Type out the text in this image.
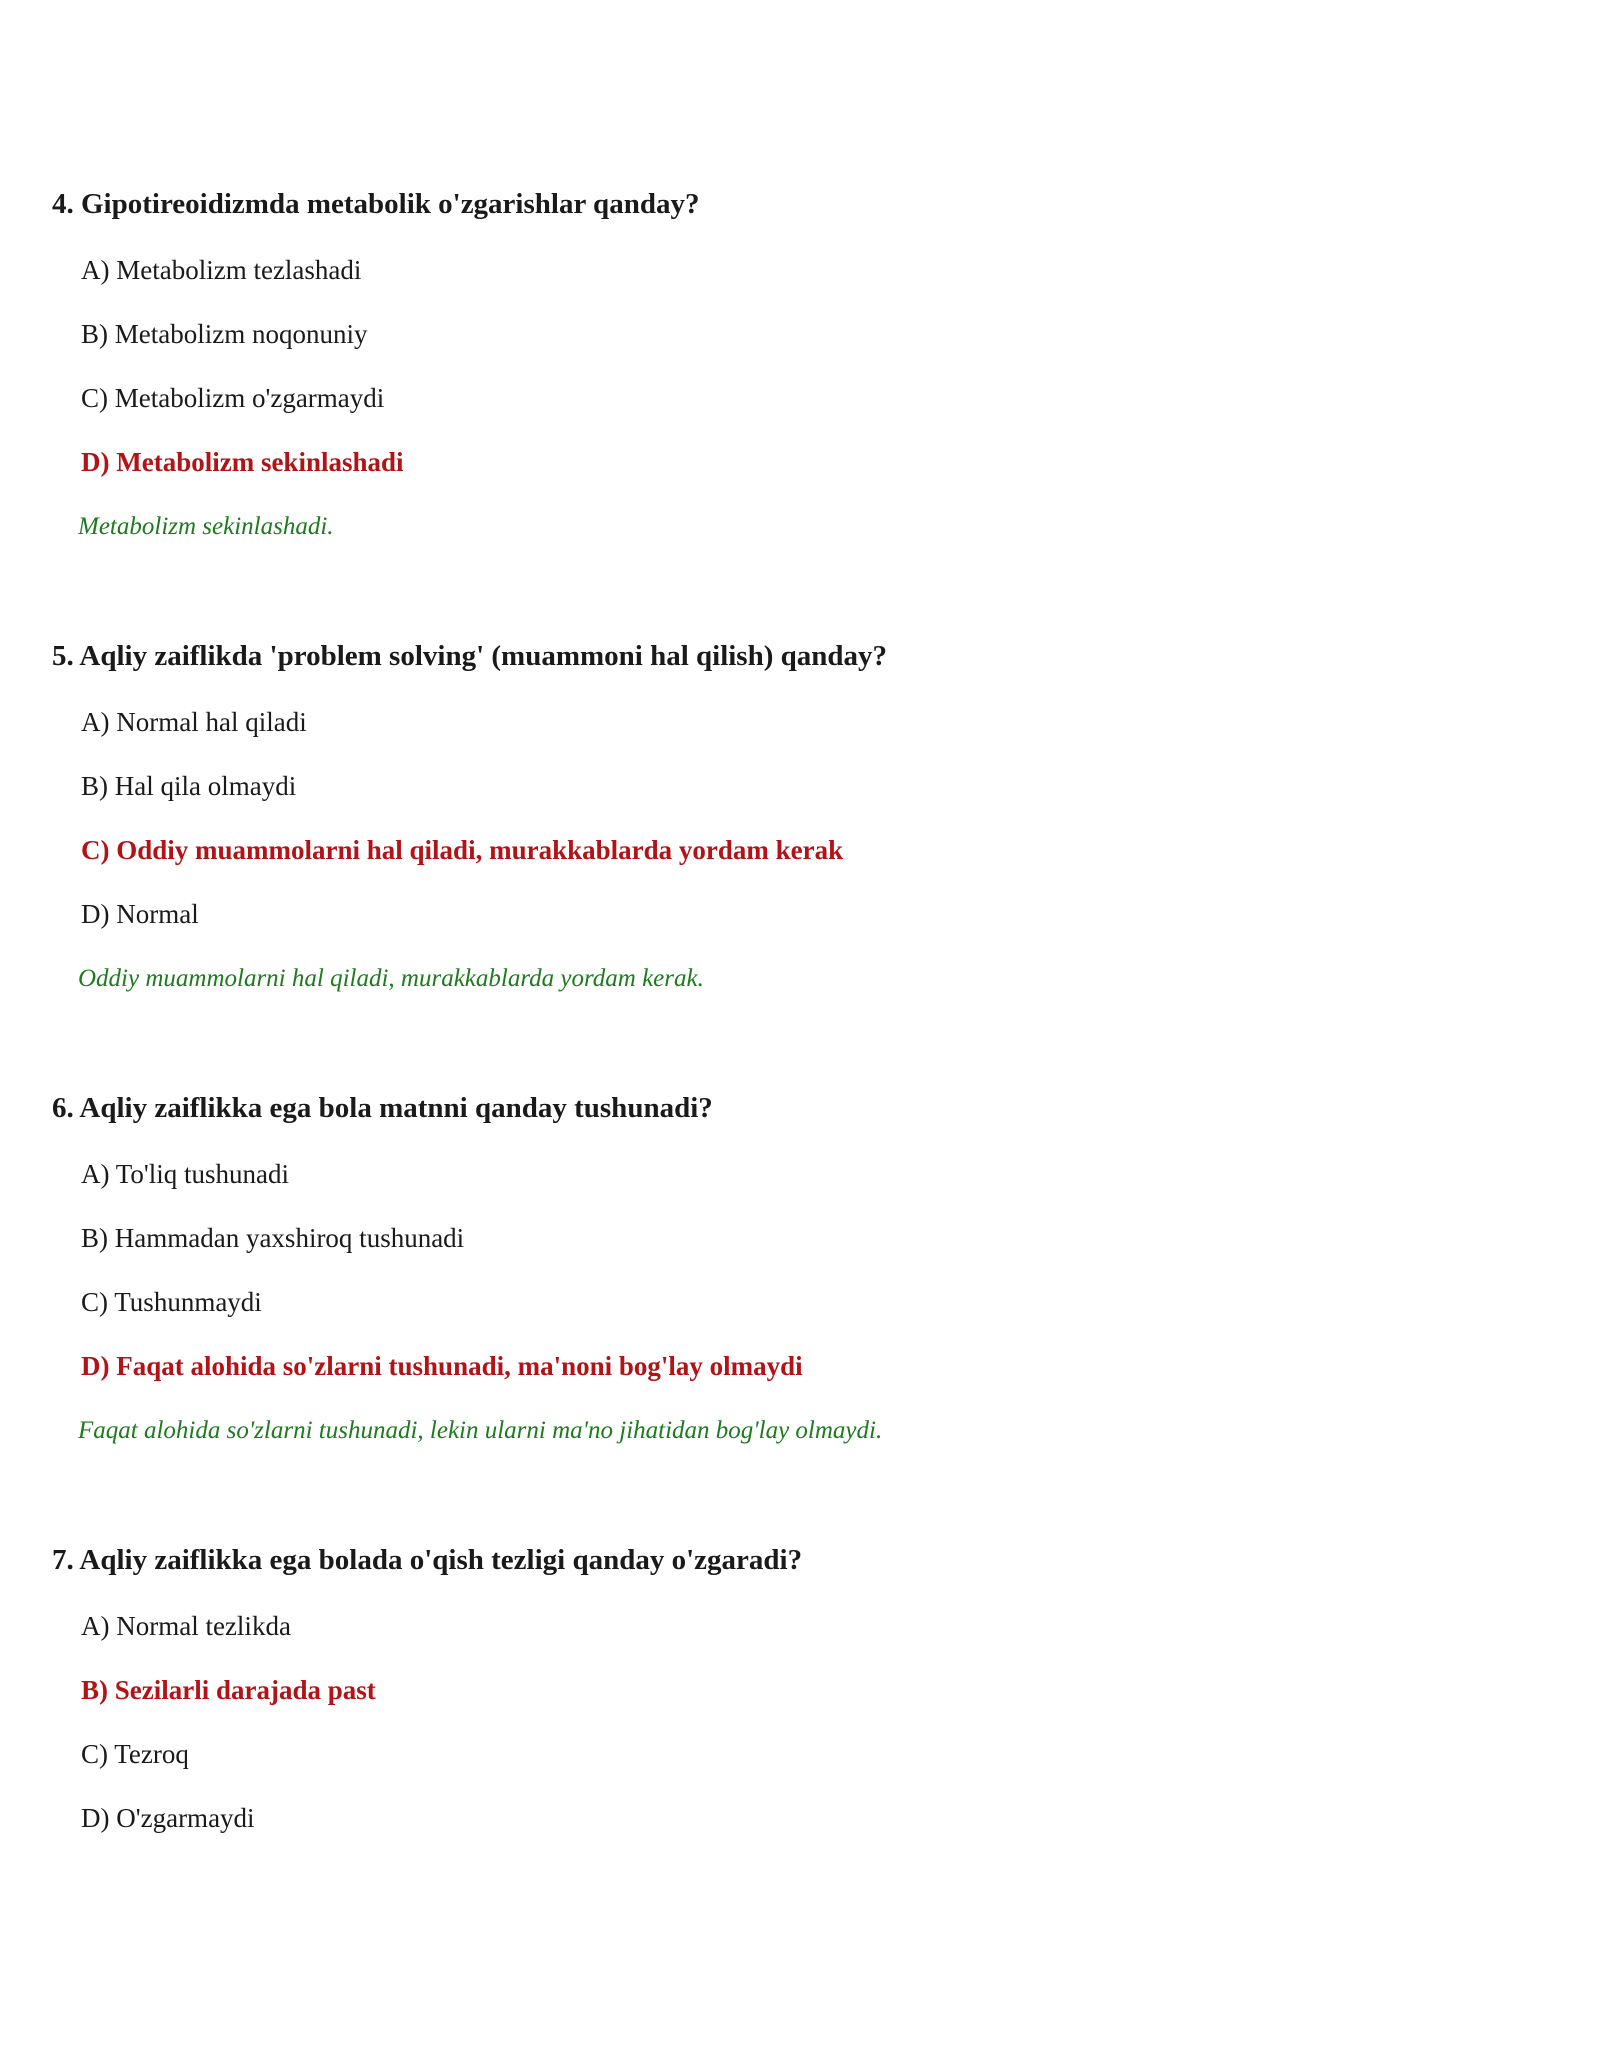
4. Gipotireoidizmda metabolik o'zgarishlar qanday?

A) Metabolizm tezlashadi

B) Metabolizm noqonuniy

C) Metabolizm o'zgarmaydi

D) Metabolizm sekinlashadi

Metabolizm sekinlashadi.

5. Aqliy zaiflikda 'problem solving' (muammoni hal qilish) qanday?

A) Normal hal qiladi

B) Hal qila olmaydi

C) Oddiy muammolarni hal qiladi, murakkablarda yordam kerak

D) Normal

Oddiy muammolarni hal qiladi, murakkablarda yordam kerak.

6. Aqliy zaiflikka ega bola matnni qanday tushunadi?

A) To'liq tushunadi

B) Hammadan yaxshiroq tushunadi

C) Tushunmaydi

D) Faqat alohida so'zlarni tushunadi, ma'noni bog'lay olmaydi

Faqat alohida so'zlarni tushunadi, lekin ularni ma'no jihatidan bog'lay olmaydi.

7. Aqliy zaiflikka ega bolada o'qish tezligi qanday o'zgaradi?

A) Normal tezlikda

B) Sezilarli darajada past

C) Tezroq

D) O'zgarmaydi
